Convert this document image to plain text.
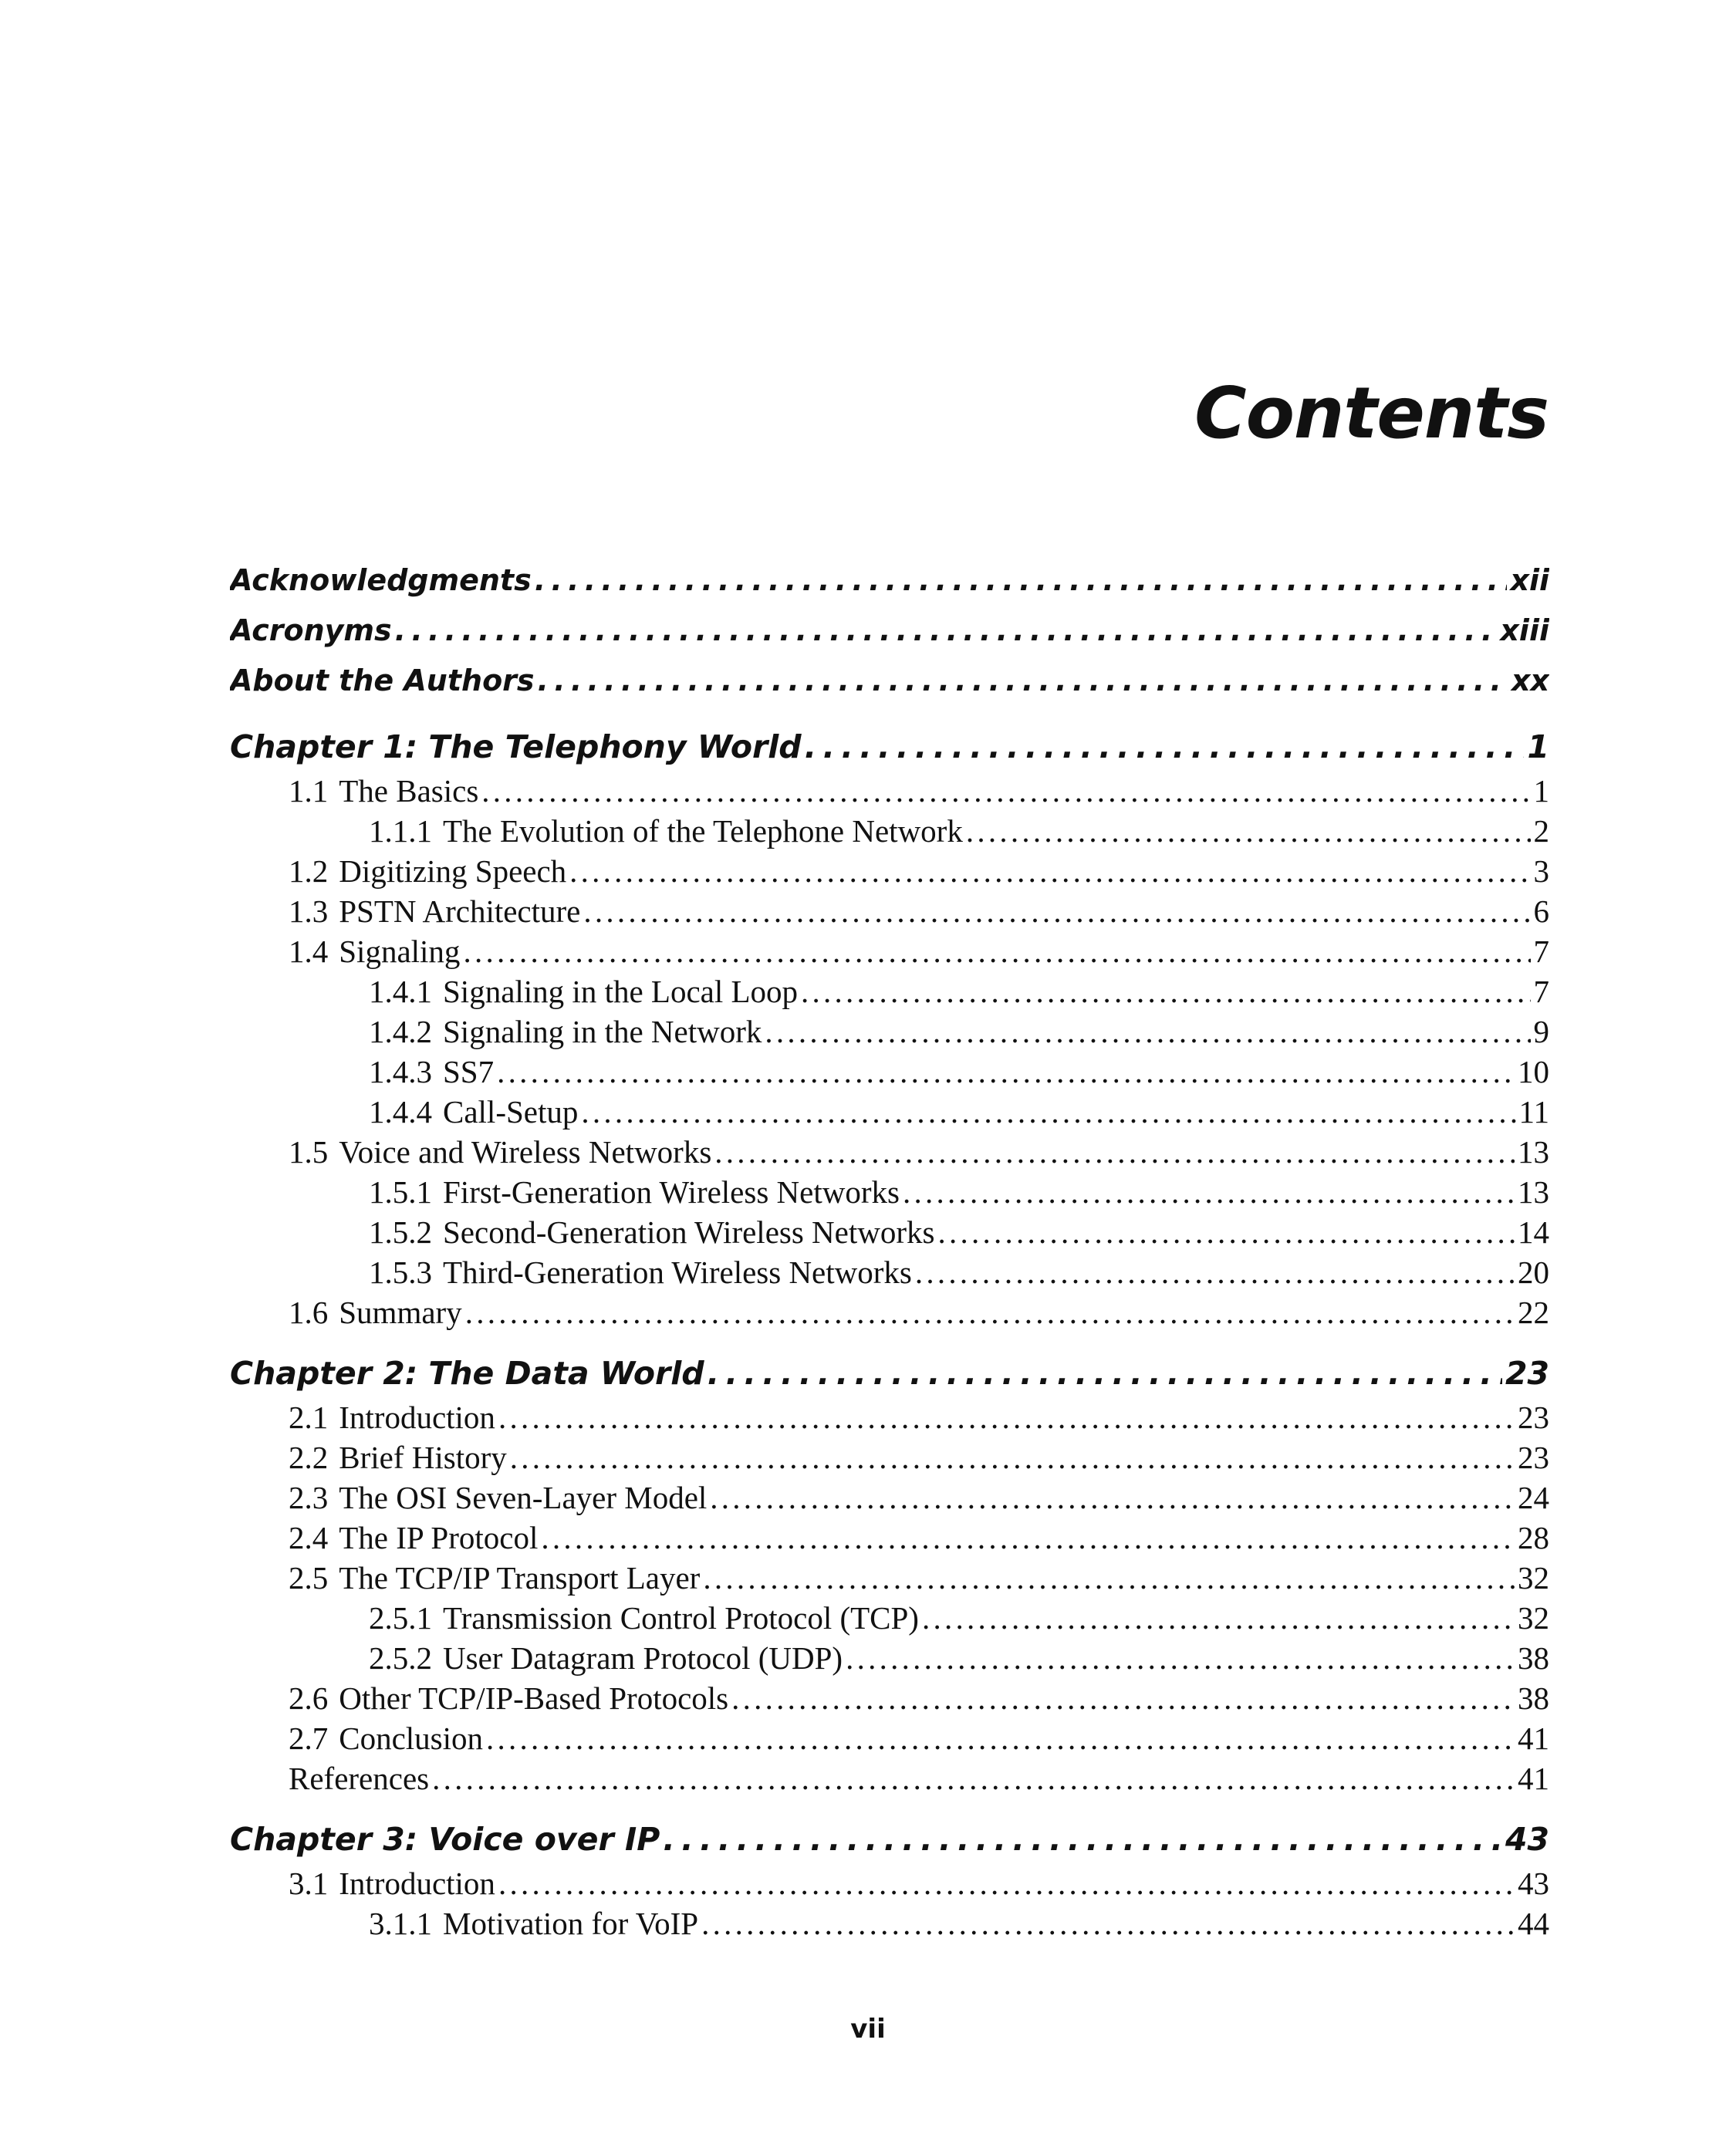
Contents
Acknowledgments . . .	xii
Acronyms . . .	xiii
About the Authors . . .	xx
Chapter 1: The Telephony World . . .	1
1.1 The Basics . . .	1
1.1.1 The Evolution of the Telephone Network . . .	2
1.2 Digitizing Speech . . .	3
1.3 PSTN Architecture . . .	6
1.4 Signaling . . .	7
1.4.1 Signaling in the Local Loop . . .	7
1.4.2 Signaling in the Network . . .	9
1.4.3 SS7 . . .	10
1.4.4 Call-Setup . . .	11
1.5 Voice and Wireless Networks . . .	13
1.5.1 First-Generation Wireless Networks . . .	13
1.5.2 Second-Generation Wireless Networks . . .	14
1.5.3 Third-Generation Wireless Networks . . .	20
1.6 Summary . . .	22
Chapter 2: The Data World . . .	23
2.1 Introduction . . .	23
2.2 Brief History . . .	23
2.3 The OSI Seven-Layer Model . . .	24
2.4 The IP Protocol . . .	28
2.5 The TCP/IP Transport Layer . . .	32
2.5.1 Transmission Control Protocol (TCP) . . .	32
2.5.2 User Datagram Protocol (UDP) . . .	38
2.6 Other TCP/IP-Based Protocols . . .	38
2.7 Conclusion . . .	41
References . . .	41
Chapter 3: Voice over IP . . .	43
3.1 Introduction . . .	43
3.1.1 Motivation for VoIP . . .	44
vii
